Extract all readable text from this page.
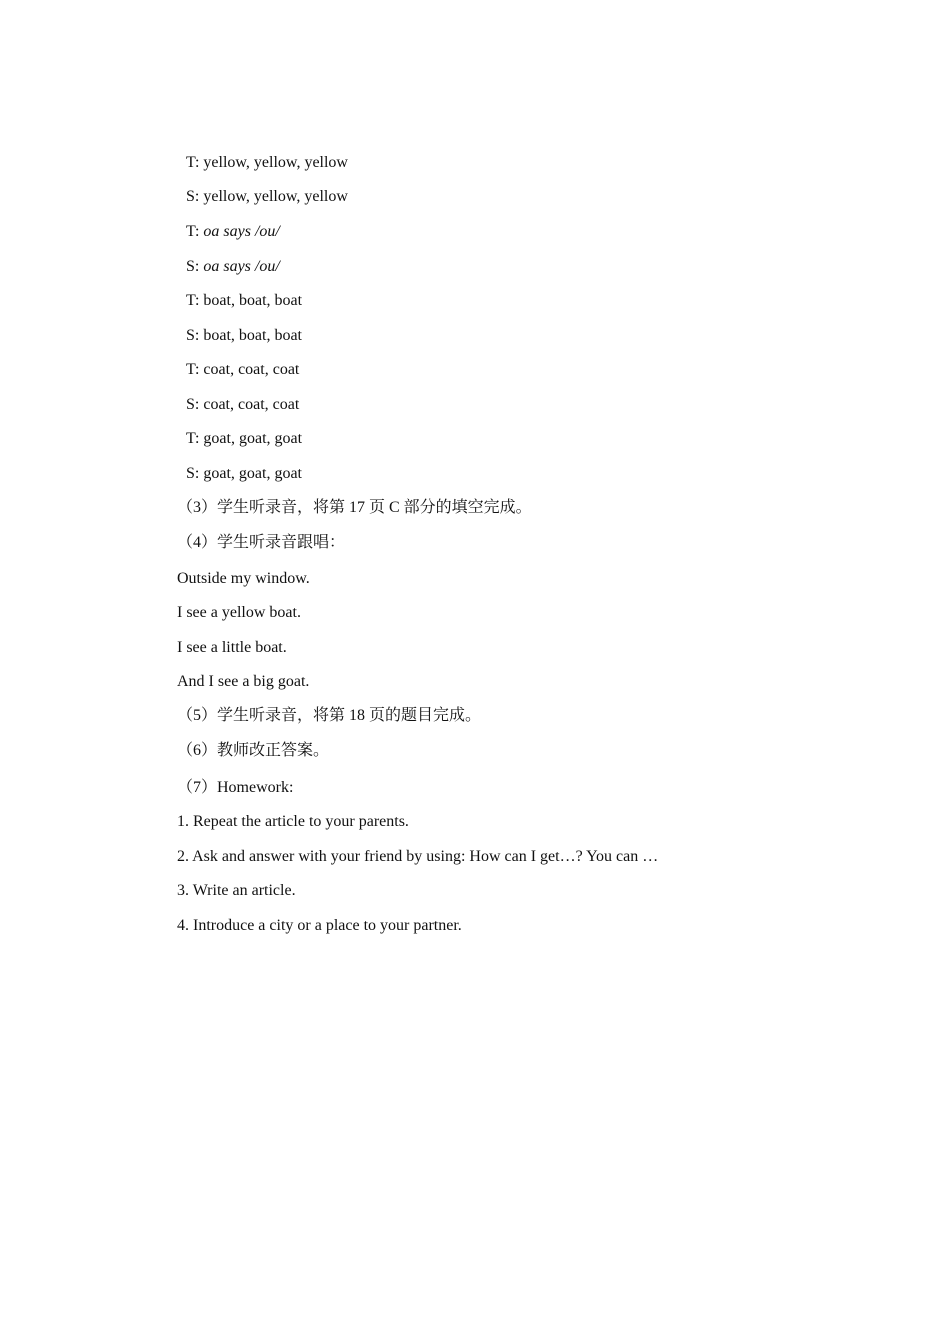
T: yellow, yellow, yellow
S: yellow, yellow, yellow
T: oa says /ou/
S: oa says /ou/
T: boat, boat, boat
S: boat, boat, boat
T: coat, coat, coat
S: coat, coat, coat
T: goat, goat, goat
S: goat, goat, goat
（3）学生听录音，将第 17 页 C 部分的填空完成。
（4）学生听录音跟唱：
Outside my window.
I see a yellow boat.
I see a little boat.
And I see a big goat.
（5）学生听录音，将第 18 页的题目完成。
（6）教师改正答案。
（7）Homework:
1. Repeat the article to your parents.
2. Ask and answer with your friend by using: How can I get…? You can …
3. Write an article.
4. Introduce a city or a place to your partner.
